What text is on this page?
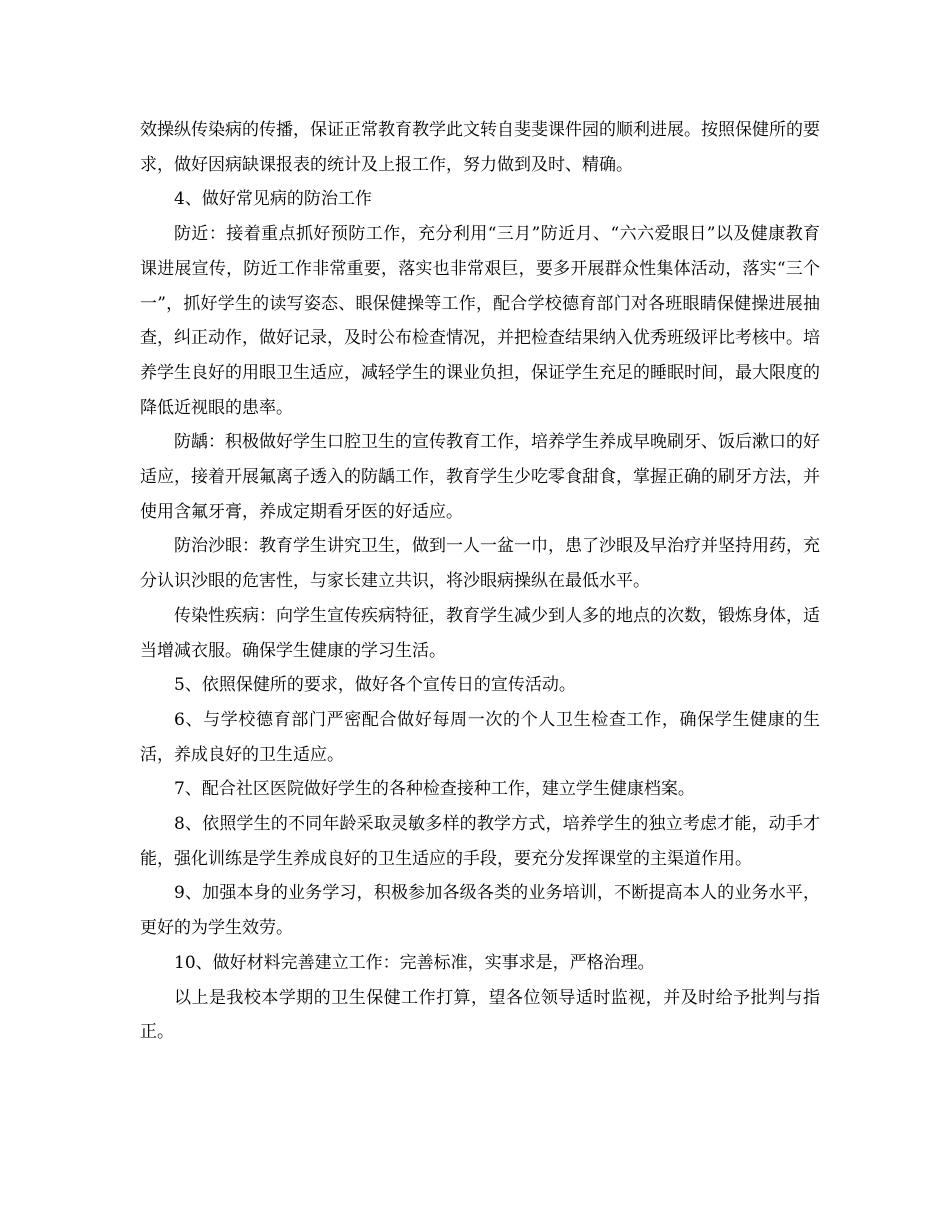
效操纵传染病的传播，保证正常教育教学此文转自斐斐课件园的顺利进展。按照保健所的要求，做好因病缺课报表的统计及上报工作，努力做到及时、精确。

4、做好常见病的防治工作

防近：接着重点抓好预防工作，充分利用“三月”防近月、“六六爱眼日”以及健康教育课进展宣传，防近工作非常重要，落实也非常艰巨，要多开展群众性集体活动，落实“三个一”，抓好学生的读写姿态、眼保健操等工作，配合学校德育部门对各班眼睛保健操进展抽查，纠正动作，做好记录，及时公布检查情况，并把检查结果纳入优秀班级评比考核中。培养学生良好的用眼卫生适应，减轻学生的课业负担，保证学生充足的睡眠时间，最大限度的降低近视眼的患率。

防龋：积极做好学生口腔卫生的宣传教育工作，培养学生养成早晚刷牙、饭后漱口的好适应，接着开展氟离子透入的防龋工作，教育学生少吃零食甜食，掌握正确的刷牙方法，并使用含氟牙膏，养成定期看牙医的好适应。

防治沙眼：教育学生讲究卫生，做到一人一盆一巾，患了沙眼及早治疗并坚持用药，充分认识沙眼的危害性，与家长建立共识，将沙眼病操纵在最低水平。

传染性疾病：向学生宣传疾病特征，教育学生减少到人多的地点的次数，锻炼身体，适当增减衣服。确保学生健康的学习生活。

5、依照保健所的要求，做好各个宣传日的宣传活动。

6、与学校德育部门严密配合做好每周一次的个人卫生检查工作，确保学生健康的生活，养成良好的卫生适应。

7、配合社区医院做好学生的各种检查接种工作，建立学生健康档案。

8、依照学生的不同年龄采取灵敏多样的教学方式，培养学生的独立考虑才能，动手才能，强化训练是学生养成良好的卫生适应的手段，要充分发挥课堂的主渠道作用。

9、加强本身的业务学习，积极参加各级各类的业务培训，不断提高本人的业务水平，更好的为学生效劳。

10、做好材料完善建立工作：完善标准，实事求是，严格治理。

以上是我校本学期的卫生保健工作打算，望各位领导适时监视，并及时给予批判与指正。
